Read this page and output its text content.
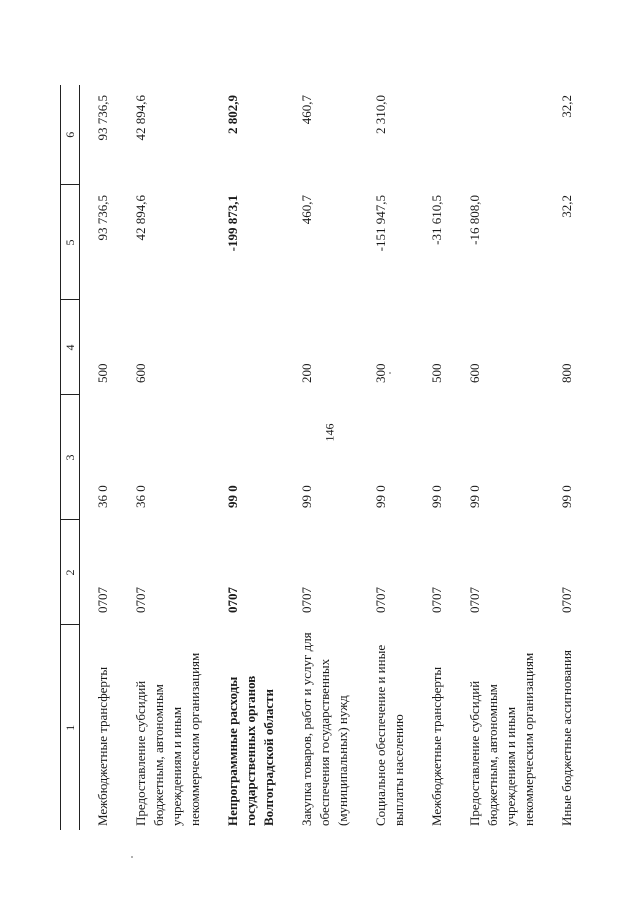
146
1	2	3	4	5	6
Межбюджетные трансферты	0707	36 0	500	93 736,5	93 736,5
Предоставление субсидий бюджетным, автономным учреждениям и иным некоммерческим организациям	0707	36 0	600	42 894,6	42 894,6
Непрограммные расходы государственных органов Волгоградской области	0707	99 0		-199 873,1	2 802,9
Закупка товаров, работ и услуг для обеспечения государственных (муниципальных) нужд	0707	99 0	200	460,7	460,7
Социальное обеспечение и иные выплаты населению	0707	99 0	300	-151 947,5	2 310,0
Межбюджетные трансферты	0707	99 0	500	-31 610,5	
Предоставление субсидий бюджетным, автономным учреждениям и иным некоммерческим организациям	0707	99 0	600	-16 808,0	
Иные бюджетные ассигнования	0707	99 0	800	32,2	32,2
